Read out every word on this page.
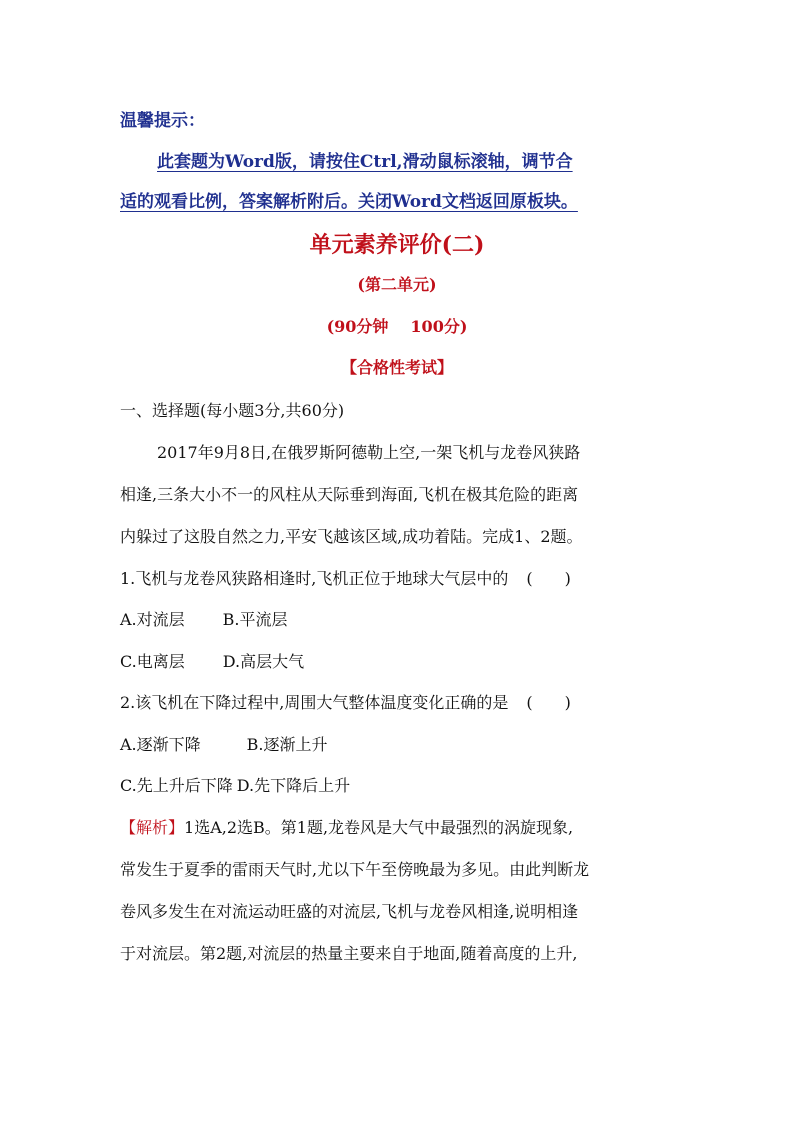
温馨提示：
此套题为Word版，请按住Ctrl,滑动鼠标滚轴，调节合
适的观看比例，答案解析附后。关闭Word文档返回原板块。
单元素养评价(二)
(第二单元)
(90分钟 100分)
【合格性考试】
一、选择题(每小题3分,共60分)
2017年9月8日,在俄罗斯阿德勒上空,一架飞机与龙卷风狭路
相逢,三条大小不一的风柱从天际垂到海面,飞机在极其危险的距离
内躲过了这股自然之力,平安飞越该区域,成功着陆。完成1、2题。
1.飞机与龙卷风狭路相逢时,飞机正位于地球大气层中的 (　　)
A.对流层 B.平流层
C.电离层 D.高层大气
2.该飞机在下降过程中,周围大气整体温度变化正确的是 (　　)
A.逐渐下降	B.逐渐上升
C.先上升后下降 D.先下降后上升
【解析】1选A,2选B。第1题,龙卷风是大气中最强烈的涡旋现象,
常发生于夏季的雷雨天气时,尤以下午至傍晚最为多见。由此判断龙
卷风多发生在对流运动旺盛的对流层,飞机与龙卷风相逢,说明相逢
于对流层。第2题,对流层的热量主要来自于地面,随着高度的上升,
